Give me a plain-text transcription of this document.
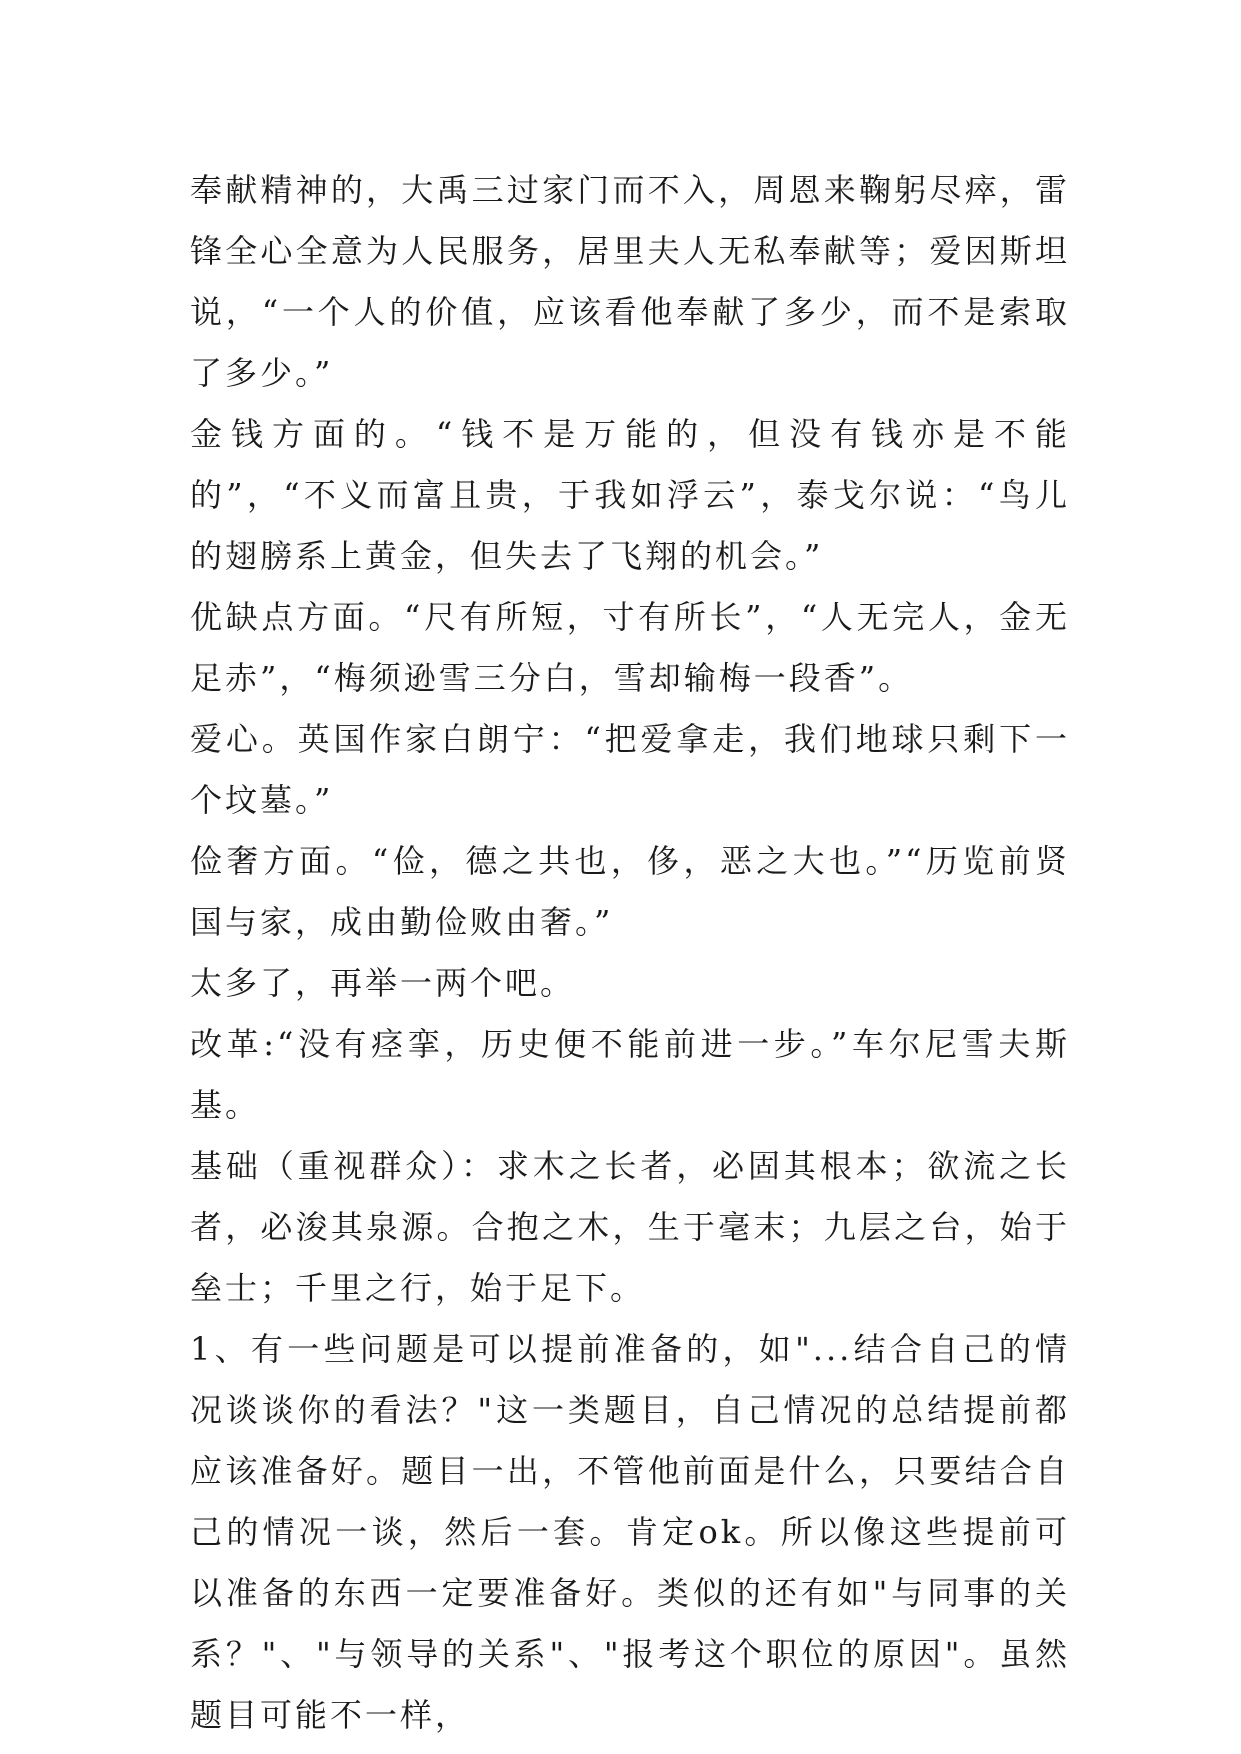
奉献精神的，大禹三过家门而不入，周恩来鞠躬尽瘁，雷锋全心全意为人民服务，居里夫人无私奉献等；爱因斯坦说，“一个人的价值，应该看他奉献了多少，而不是索取了多少。”

金钱方面的。“钱不是万能的，但没有钱亦是不能的”，“不义而富且贵，于我如浮云”，泰戈尔说：“鸟儿的翅膀系上黄金，但失去了飞翔的机会。”

优缺点方面。“尺有所短，寸有所长”，“人无完人，金无足赤”，“梅须逊雪三分白，雪却输梅一段香”。

爱心。英国作家白朗宁：“把爱拿走，我们地球只剩下一个坟墓。”

俭奢方面。“俭，德之共也，侈，恶之大也。”“历览前贤国与家，成由勤俭败由奢。”

太多了，再举一两个吧。

改革:“没有痉挛，历史便不能前进一步。”车尔尼雪夫斯基。

基础（重视群众）：求木之长者，必固其根本；欲流之长者，必浚其泉源。合抱之木，生于毫末；九层之台，始于垒士；千里之行，始于足下。

1、有一些问题是可以提前准备的，如"...结合自己的情况谈谈你的看法？"这一类题目，自己情况的总结提前都应该准备好。题目一出，不管他前面是什么，只要结合自己的情况一谈，然后一套。肯定ok。所以像这些提前可以准备的东西一定要准备好。类似的还有如"与同事的关系？"、"与领导的关系"、"报考这个职位的原因"。虽然题目可能不一样，
